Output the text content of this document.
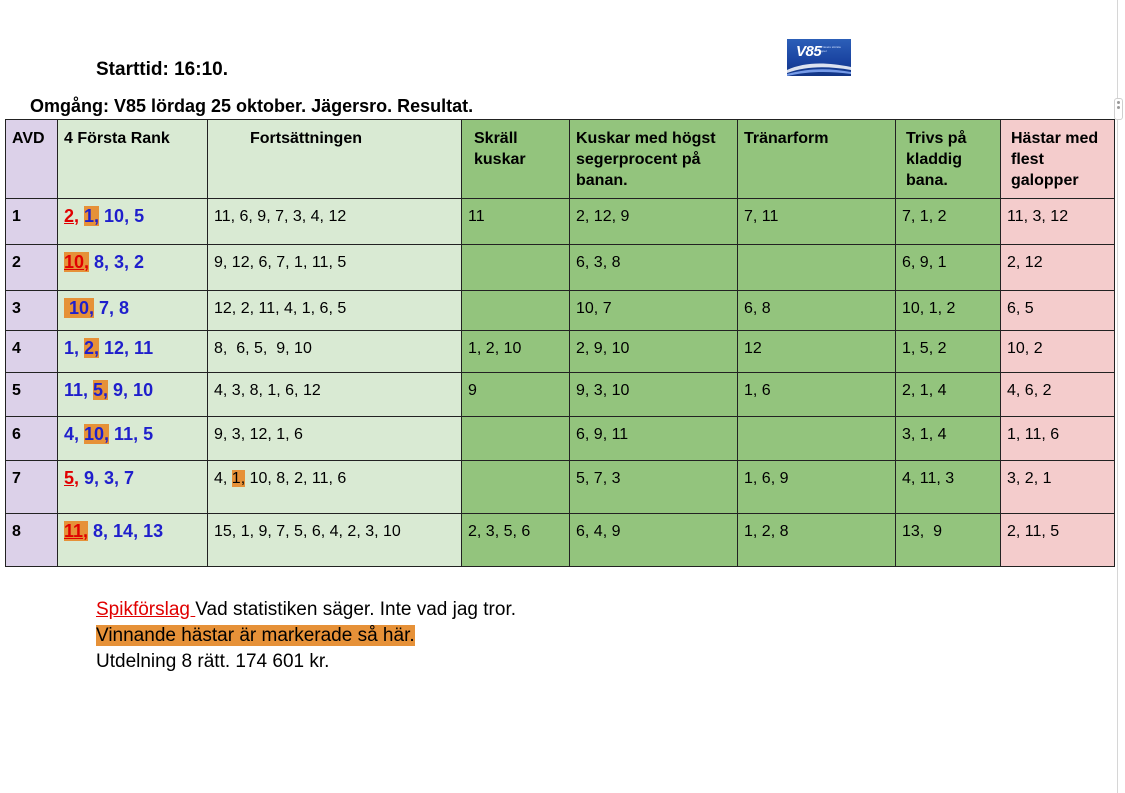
Starttid: 16:10.
V85 Travets största spel
Omgång: V85 lördag 25 oktober. Jägersro. Resultat.
AVD	4 Första Rank	Fortsättningen	Skräll kuskar	Kuskar med högst segerprocent på banan.	Tränarform	Trivs på kladdig bana.	Hästar med flest galopper
1	2, 1, 10, 5	11, 6, 9, 7, 3, 4, 12	11	2, 12, 9	7, 11	7, 1, 2	11, 3, 12
2	10, 8, 3, 2	9, 12, 6, 7, 1, 11, 5		6, 3, 8		6, 9, 1	2, 12
3	10, 7, 8	12, 2, 11, 4, 1, 6, 5		10, 7	6, 8	10, 1, 2	6, 5
4	1, 2, 12, 11	8,  6, 5,  9, 10	1, 2, 10	2, 9, 10	12	1, 5, 2	10, 2
5	11, 5, 9, 10	4, 3, 8, 1, 6, 12	9	9, 3, 10	1, 6	2, 1, 4	4, 6, 2
6	4, 10, 11, 5	9, 3, 12, 1, 6		6, 9, 11		3, 1, 4	1, 11, 6
7	5, 9, 3, 7	4, 1, 10, 8, 2, 11, 6		5, 7, 3	1, 6, 9	4, 11, 3	3, 2, 1
8	11, 8, 14, 13	15, 1, 9, 7, 5, 6, 4, 2, 3, 10	2, 3, 5, 6	6, 4, 9	1, 2, 8	13,  9	2, 11, 5
Spikförslag Vad statistiken säger. Inte vad jag tror.
Vinnande hästar är markerade så här.
Utdelning 8 rätt. 174 601 kr.
